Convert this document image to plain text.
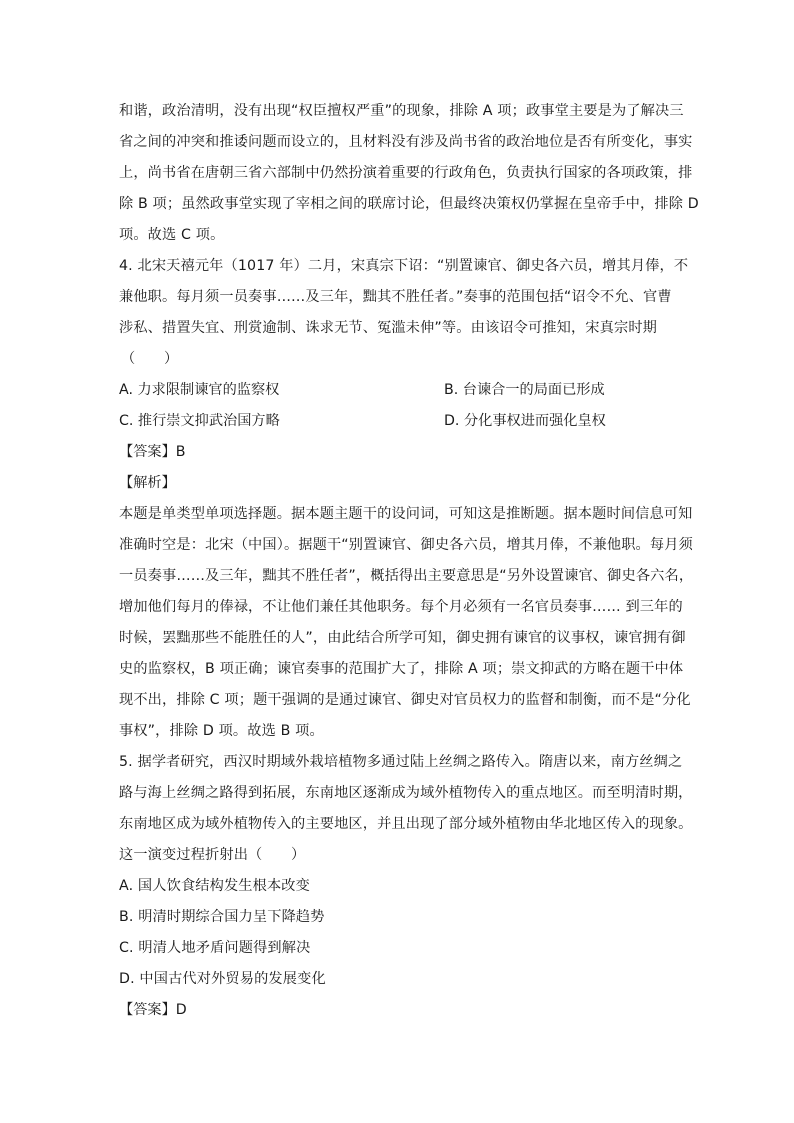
和谐，政治清明，没有出现“权臣擅权严重”的现象，排除 A 项；政事堂主要是为了解决三
省之间的冲突和推诿问题而设立的，且材料没有涉及尚书省的政治地位是否有所变化，事实
上，尚书省在唐朝三省六部制中仍然扮演着重要的行政角色，负责执行国家的各项政策，排
除 B 项；虽然政事堂实现了宰相之间的联席讨论，但最终决策权仍掌握在皇帝手中，排除 D
项。故选 C 项。
4. 北宋天禧元年（1017 年）二月，宋真宗下诏：“别置谏官、御史各六员，增其月俸，不
兼他职。每月须一员奏事……及三年，黜其不胜任者。”奏事的范围包括“诏令不允、官曹
涉私、措置失宜、刑赏逾制、诛求无节、冤滥未伸”等。由该诏令可推知，宋真宗时期
（　　）
A. 力求限制谏官的监察权	B. 台谏合一的局面已形成
C. 推行崇文抑武治国方略	D. 分化事权进而强化皇权
【答案】B
【解析】
本题是单类型单项选择题。据本题主题干的设问词，可知这是推断题。据本题时间信息可知
准确时空是：北宋（中国）。据题干“别置谏官、御史各六员，增其月俸，不兼他职。每月须
一员奏事……及三年，黜其不胜任者”，概括得出主要意思是“另外设置谏官、御史各六名，
增加他们每月的俸禄，不让他们兼任其他职务。每个月必须有一名官员奏事…… 到三年的
时候，罢黜那些不能胜任的人”，由此结合所学可知，御史拥有谏官的议事权，谏官拥有御
史的监察权，B 项正确；谏官奏事的范围扩大了，排除 A 项；崇文抑武的方略在题干中体
现不出，排除 C 项；题干强调的是通过谏官、御史对官员权力的监督和制衡，而不是“分化
事权”，排除 D 项。故选 B 项。
5. 据学者研究，西汉时期域外栽培植物多通过陆上丝绸之路传入。隋唐以来，南方丝绸之
路与海上丝绸之路得到拓展，东南地区逐渐成为域外植物传入的重点地区。而至明清时期，
东南地区成为域外植物传入的主要地区，并且出现了部分域外植物由华北地区传入的现象。
这一演变过程折射出（　　）
A. 国人饮食结构发生根本改变
B. 明清时期综合国力呈下降趋势
C. 明清人地矛盾问题得到解决
D. 中国古代对外贸易的发展变化
【答案】D
